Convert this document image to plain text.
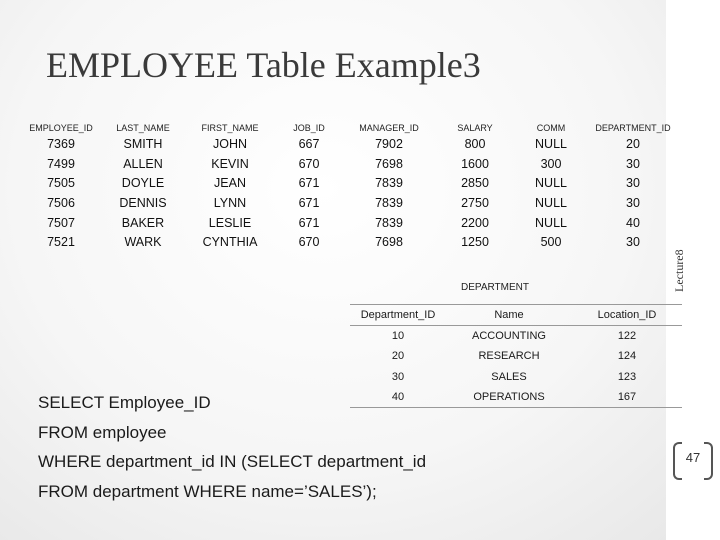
Lecture8
EMPLOYEE Table Example3
EMPLOYEE_ID	LAST_NAME	FIRST_NAME	JOB_ID	MANAGER_ID	SALARY	COMM	DEPARTMENT_ID
7369	SMITH	JOHN	667	7902	800	NULL	20
7499	ALLEN	KEVIN	670	7698	1600	300	30
7505	DOYLE	JEAN	671	7839	2850	NULL	30
7506	DENNIS	LYNN	671	7839	2750	NULL	30
7507	BAKER	LESLIE	671	7839	2200	NULL	40
7521	WARK	CYNTHIA	670	7698	1250	500	30
DEPARTMENT
Department_ID	Name	Location_ID
10	ACCOUNTING	122
20	RESEARCH	124
30	SALES	123
40	OPERATIONS	167
SELECT Employee_ID
FROM employee
WHERE department_id IN (SELECT department_id
FROM department WHERE name=’SALES’);
47
